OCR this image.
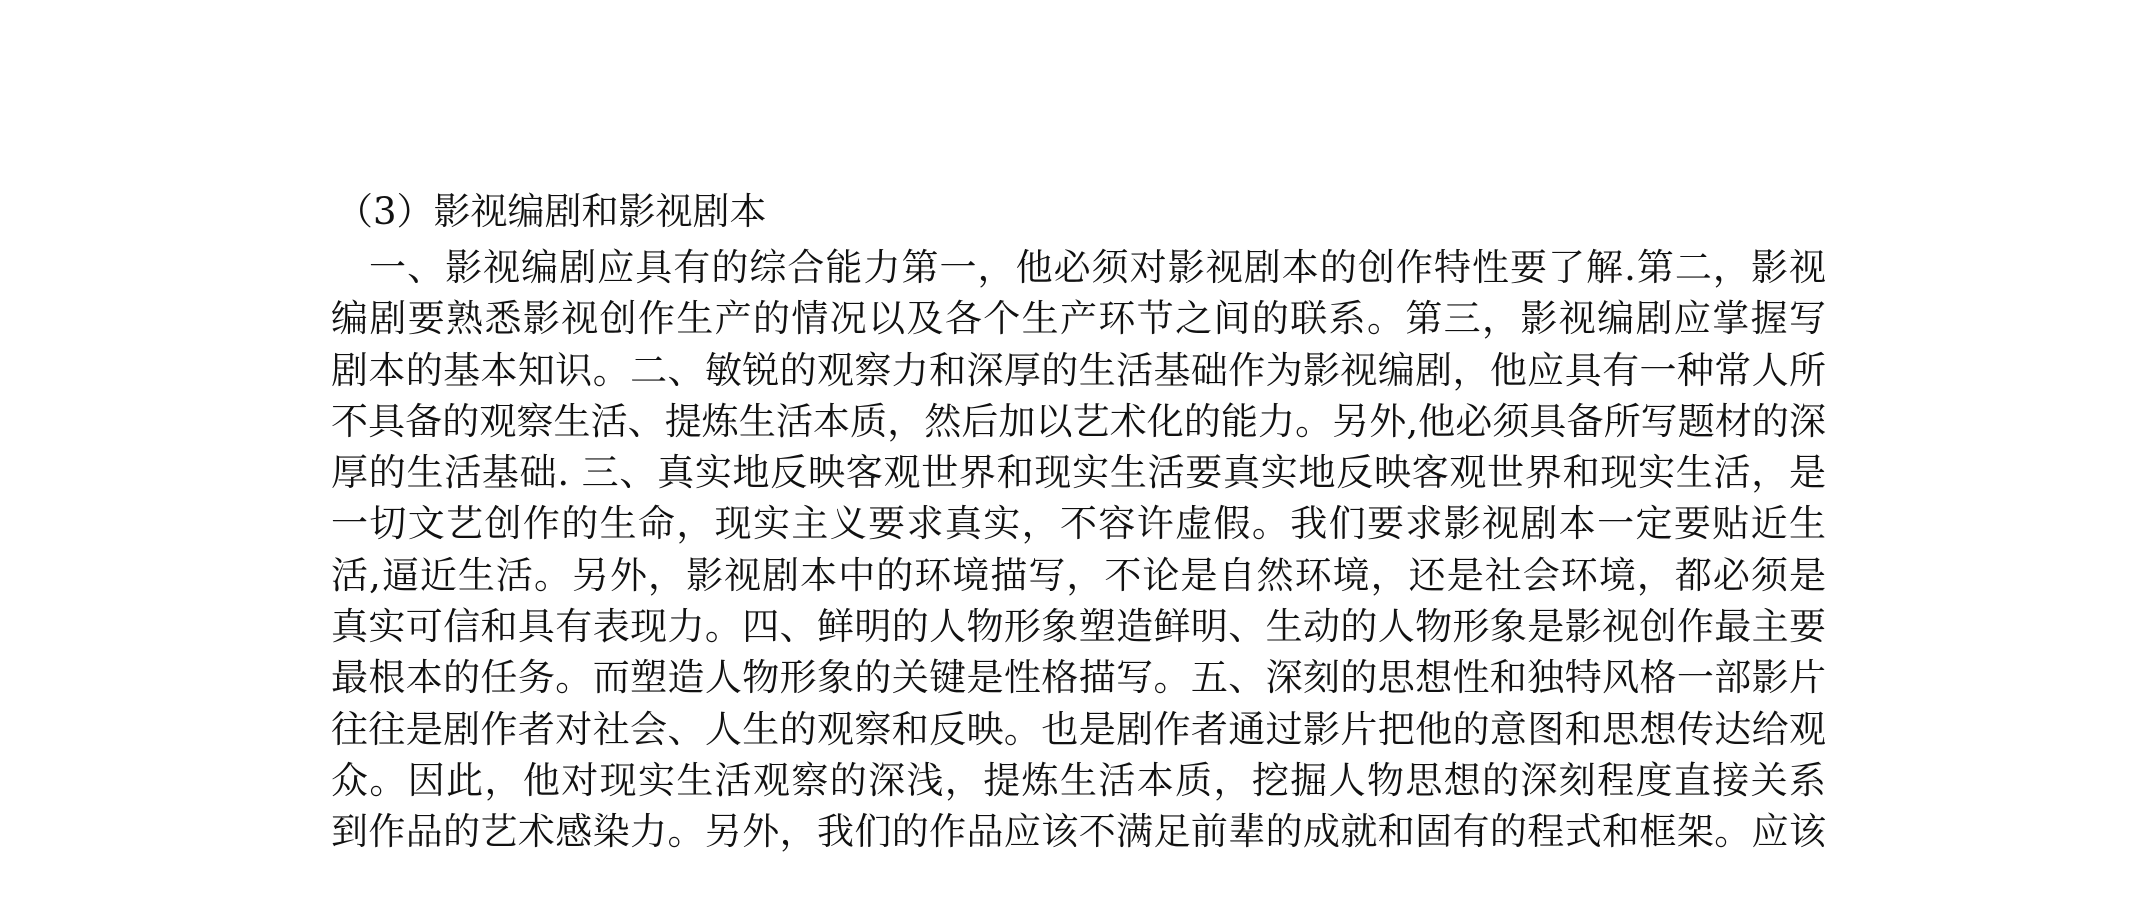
（3）影视编剧和影视剧本
　一、影视编剧应具有的综合能力第一，他必须对影视剧本的创作特性要了解.第二，影视
编剧要熟悉影视创作生产的情况以及各个生产环节之间的联系。第三，影视编剧应掌握写
剧本的基本知识。二、敏锐的观察力和深厚的生活基础作为影视编剧，他应具有一种常人所
不具备的观察生活、提炼生活本质，然后加以艺术化的能力。另外,他必须具备所写题材的深
厚的生活基础. 三、真实地反映客观世界和现实生活要真实地反映客观世界和现实生活，是
一切文艺创作的生命，现实主义要求真实，不容许虚假。我们要求影视剧本一定要贴近生
活,逼近生活。另外，影视剧本中的环境描写，不论是自然环境，还是社会环境，都必须是
真实可信和具有表现力。四、鲜明的人物形象塑造鲜明、生动的人物形象是影视创作最主要
最根本的任务。而塑造人物形象的关键是性格描写。五、深刻的思想性和独特风格一部影片
往往是剧作者对社会、人生的观察和反映。也是剧作者通过影片把他的意图和思想传达给观
众。因此，他对现实生活观察的深浅，提炼生活本质，挖掘人物思想的深刻程度直接关系
到作品的艺术感染力。另外，我们的作品应该不满足前辈的成就和固有的程式和框架。应该
